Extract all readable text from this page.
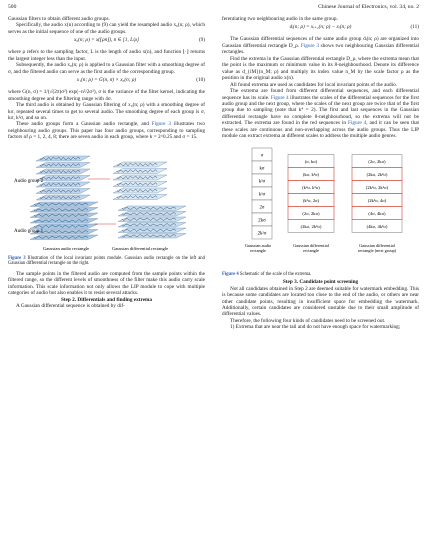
500	Chinese Journal of Electronics, vol. 34, no. 2

Gaussian filters to obtain different audio groups.

Specifically, the audio x(n) according to (9) can yield the resampled audio x₀(n; ρ), which serves as the initial sequence of one of the audio groups.

x₀(n; ρ) = x(⌊ρn⌋), n ∈ [1, L/ρ]	(9)

where ρ refers to the sampling factor, L is the length of audio x(n), and function ⌊·⌋ returns the largest integer less than the input.

Subsequently, the audio x₀(n; ρ) is applied to a Gaussian filter with a smoothing degree of σ, and the filtered audio can serve as the first audio of the corresponding group.

x₁(n; ρ) = G(n, σ) × x₀(n; ρ)	(10)

where G(n, σ) = 1/(√(2π)σ²) exp(−n²/2σ²), σ is the variance of the filter kernel, indicating the smoothing degree and the filtering range with 4σ.

The third audio is obtained by Gaussian filtering of x₀(n; ρ) with a smoothing degree of kσ, repeated several times to get to several audio. The smoothing degree of each group is σ, kσ, k²σ, and so on.

These audio groups form a Gaussian audio rectangle, and Figure 3 illustrates two neighbouring audio groups. This paper has four audio groups, corresponding to sampling factors of ρ = 1, 2, 4, 8; there are seven audio in each group, where k = 2^0.25 and σ = 15.

Audio group 2
Audio group 1
Gaussian audio rectangle	Gaussian differential rectangle

Figure 3 Illustration of the local invariant points module. Gaussian audio rectangle on the left and Gaussian differential rectangle on the right.

The sample points in the filtered audio are computed from the sample points within the filtered range, so the different levels of smoothness of the filter make this audio carry scale information. This scale information not only allows the LIP module to cope with multiple categories of audio but also enables it to resist several attacks.

Step 2. Differentials and finding extrema

A Gaussian differential sequence is obtained by dif-

ferentiating two neighbouring audio in the same group.

dᵢ(n; ρ) = xᵢ₊₁(n; ρ) − xᵢ(n; ρ)	(11)

The Gaussian differential sequences of the same audio group dᵢ(n; ρ) are organized into Gaussian differential rectangle D_ρ. Figure 3 shows two neighbouring Gaussian differential rectangles.

Find the extrema in the Gaussian differential rectangle D_ρ, where the extrema mean that the point is the maximum or minimum value in its 8-neighbourhood. Denote its difference value as d_{iM}(n_M; ρ) and multiply its index value n_M by the scale factor ρ as the position in the original audio x(n).

All found extrema are used as candidates for local invariant points of the audio.

The extrema are found from different differential sequences, and each differential sequence has its scale. Figure 4 illustrates the scales of the differential sequences for the first audio group and the next group, where the scales of the next group are twice that of the first group due to sampling (note that k⁴ = 2). The first and last sequences in the Gaussian differential rectangle have no complete 8-neighbourhood, so the extrema will not be extracted. The extrema are found in the red sequences in Figure 4, and it can be seen that these scales are continuous and non-overlapping across the audio groups. Thus the LIP module can extract extrema at different scales to address the multiple audio genres.

σ
kσ
k²σ
k³σ
2σ
2kσ
2k²σ
(σ, kσ)
(kσ, k²σ)
(k²σ, k³σ)
(k³σ, 2σ)
(2σ, 2kσ)
(2kσ, 2k²σ)
(2σ, 2kσ)
(2kσ, 2k²σ)
(2k²σ, 2k³σ)
(2k³σ, 4σ)
(4σ, 4kσ)
(4kσ, 4k²σ)
Gaussian audio
rectangle
Gaussian differential
rectangle
Gaussian differential
rectangle (next group)

Figure 4 Schematic of the scale of the extrema.

Step 3. Candidate point screening

Not all candidates obtained in Step 2 are deemed suitable for watermark embedding. This is because some candidates are located too close to the end of the audio, or others are near other candidate points, resulting in insufficient space for embedding the watermark. Additionally, certain candidates are considered unstable due to their small amplitude of differential values.

Therefore, the following four kinds of candidates need to be screened out.

1) Extrema that are near the tail and do not have enough space for watermarking;
